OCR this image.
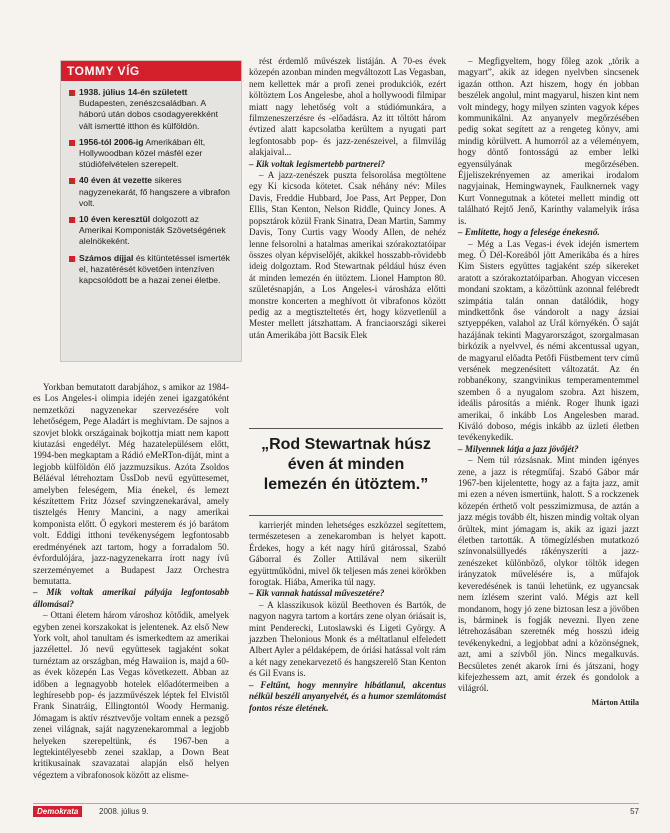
TOMMY VÍG
1938. július 14-én született Budapesten, zenészcsaládban. A háború után dobos csodagyerekként vált ismertté itthon és külföldön.
1956-tól 2006-ig Amerikában élt, Hollywoodban közel másfél ezer stúdiófelvételen szerepelt.
40 éven át vezette sikeres nagyzenekarát, fő hangszere a vibrafon volt.
10 éven keresztül dolgozott az Amerikai Komponisták Szövetségének alelnökeként.
Számos díjjal és kitüntetéssel ismerték el, hazatérését követően intenzíven kapcsolódott be a hazai zenei életbe.

Yorkban bemutatott darabjához, s amikor az 1984-es Los Angeles-i olimpia idején zenei igazgatóként nemzetközi nagyzenekar szervezésére volt lehetőségem, Pege Aladárt is meghívtam. De sajnos a szovjet blokk országainak bojkottja miatt nem kapott kiutazási engedélyt. Még hazatelepülésem előtt, 1994-ben megkaptam a Rádió eMeRTon-díját, mint a legjobb külföldön élő jazzmuzsikus. Azóta Zsoldos Béláéval létrehoztam ÜssDob nevű együttesemet, amelyben feleségem, Mia énekel, és lemezt készítettem Fritz József szvingzenekarával, amely tisztelgés Henry Mancini, a nagy amerikai komponista előtt. Ő egykori mesterem és jó barátom volt. Eddigi itthoni tevékenységem legfontosabb eredményének azt tartom, hogy a forradalom 50. évfordulójára, jazz-nagyzenekarra írott nagy ívű szerzeményemet a Budapest Jazz Orchestra bemutatta.

– Mik voltak amerikai pályája legfontosabb állomásai?

– Ottani életem három városhoz kötődik, amelyek egyben zenei korszakokat is jelentenek. Az első New York volt, ahol tanultam és ismerkedtem az amerikai jazzélettel. Jó nevű együttesek tagjaként sokat turnéztam az országban, még Hawaiion is, majd a 60-as évek közepén Las Vegas következett. Abban az időben a legnagyobb hotelek előadótermeiben a leghíresebb pop- és jazzművészek léptek fel Elvistől Frank Sinatráig, Ellingtontól Woody Hermanig. Jómagam is aktív résztvevője voltam ennek a pezsgő zenei világnak, saját nagyzenekarommal a legjobb helyeken szerepeltünk, és 1967-ben a legtekintélyesebb zenei szaklap, a Down Beat kritikusainak szavazatai alapján első helyen végeztem a vibrafonosok között az elisme-

rést érdemlő művészek listáján. A 70-es évek közepén azonban minden megváltozott Las Vegasban, nem kellettek már a profi zenei produkciók, ezért költöztem Los Angelesbe, ahol a hollywoodi filmipar miatt nagy lehetőség volt a stúdiómunkára, a filmzeneszerzésre és -előadásra. Az itt töltött három évtized alatt kapcsolatba kerültem a nyugati part legfontosabb pop- és jazz-zenészeivel, a filmvilág alakjaival...

– Kik voltak legismertebb partnerei?

– A jazz-zenészek puszta felsorolása megtöltene egy Ki kicsoda kötetet. Csak néhány név: Miles Davis, Freddie Hubbard, Joe Pass, Art Pepper, Don Ellis, Stan Kenton, Nelson Riddle, Quincy Jones. A popsztárok közül Frank Sinatra, Dean Martin, Sammy Davis, Tony Curtis vagy Woody Allen, de nehéz lenne felsorolni a hatalmas amerikai szórakoztatóipar összes olyan képviselőjét, akikkel hosszabb-rövidebb ideig dolgoztam. Rod Stewartnak például húsz éven át minden lemezén én ütöztem. Lionel Hampton 80. születésnapján, a Los Angeles-i városháza előtti monstre koncerten a meghívott öt vibrafonos között pedig az a megtiszteltetés ért, hogy közvetlenül a Mester mellett játszhattam. A franciaországi sikerei után Amerikába jött Bacsik Elek

„Rod Stewartnak húsz éven át minden lemezén én ütöztem.”

karrierjét minden lehetséges eszközzel segítettem, természetesen a zenekaromban is helyet kapott. Érdekes, hogy a két nagy hírű gitárossal, Szabó Gáborral és Zoller Attilával nem sikerült együttműködni, mivel ők teljesen más zenei körökben forogtak. Hiába, Amerika túl nagy.

– Kik vannak hatással műveszetére?

– A klasszikusok közül Beethoven és Bartók, de nagyon nagyra tartom a kortárs zene olyan óriásait is, mint Penderecki, Lutoslawski és Ligeti György. A jazzben Thelonious Monk és a méltatlanul elfeledett Albert Ayler a példaképem, de óriási hatással volt rám a két nagy zenekarvezető és hangszerelő Stan Kenton és Gil Evans is.

– Feltűnt, hogy mennyire hibátlanul, akcentus nélkül beszéli anyanyelvét, és a humor szemlátomást fontos része életének.

– Megfigyeltem, hogy főleg azok „törik a magyart”, akik az idegen nyelvben sincsenek igazán otthon. Azt hiszem, hogy én jobban beszélek angolul, mint magyarul, hiszen kint nem volt mindegy, hogy milyen szinten vagyok képes kommunikálni. Az anyanyelv megőrzésében pedig sokat segített az a rengeteg könyv, ami mindig körülvett. A humorról az a véleményem, hogy döntő fontosságú az ember lelki egyensúlyának megőrzésében. Éjjeliszekrényemen az amerikai irodalom nagyjainak, Hemingwaynek, Faulknernek vagy Kurt Vonnegutnak a kötetei mellett mindig ott található Rejtő Jenő, Karinthy valamelyik írása is.

– Említette, hogy a felesége énekesnő.

– Még a Las Vegas-i évek idején ismertem meg. Ő Dél-Koreából jött Amerikába és a híres Kim Sisters együttes tagjaként szép sikereket aratott a szórakoztatóiparban. Ahogyan viccesen mondani szoktam, a közöttünk azonnal felébredt szimpátia talán onnan datálódik, hogy mindkettőnk őse vándorolt a nagy ázsiai sztyeppéken, valahol az Urál környékén. Ő saját hazájának tekinti Magyarországot, szorgalmasan birkózik a nyelvvel, és némi akcentussal ugyan, de magyarul előadta Petőfi Füstbement terv című versének megzenésített változatát. Az én robbanékony, szangvinikus temperamentemmel szemben ő a nyugalom szobra. Azt hiszem, ideális párosítás a miénk. Roger lhunk igazi amerikai, ő inkább Los Angelesben marad. Kiváló doboso, mégis inkább az üzleti életben tevékenykedik.

– Milyennek látja a jazz jövőjét?

– Nem túl rózsásnak. Mint minden igényes zene, a jazz is rétegműfaj. Szabó Gábor már 1967-ben kijelentette, hogy az a fajta jazz, amit mi ezen a néven ismertünk, halott. S a rockzenek közepén érthető volt pesszimizmusa, de aztán a jazz mégis tovább élt, hiszen mindig voltak olyan őrültek, mint jómagam is, akik az igazi jazzt életben tartották. A tömegízlésben mutatkozó színvonalsüllyedés rákényszeríti a jazz-zenészeket különböző, olykor töltök idegen irányzatok művelésére is, a műfajok keveredésének is tanúi lehetünk, ez ugyancsak nem ízlésem szerint való. Mégis azt kell mondanom, hogy jó zene biztosan lesz a jövőben is, bárminek is fogják nevezni. Ilyen zene létrehozásában szeretnék még hosszú ideig tevékenykedni, a legjobbat adni a közönségnek, azt, ami a szívből jön. Nincs megalkuvás. Becsületes zenét akarok írni és játszani, hogy kifejezhessem azt, amit érzek és gondolok a világról.

Márton Attila

Demokrata	2008. július 9.	57
